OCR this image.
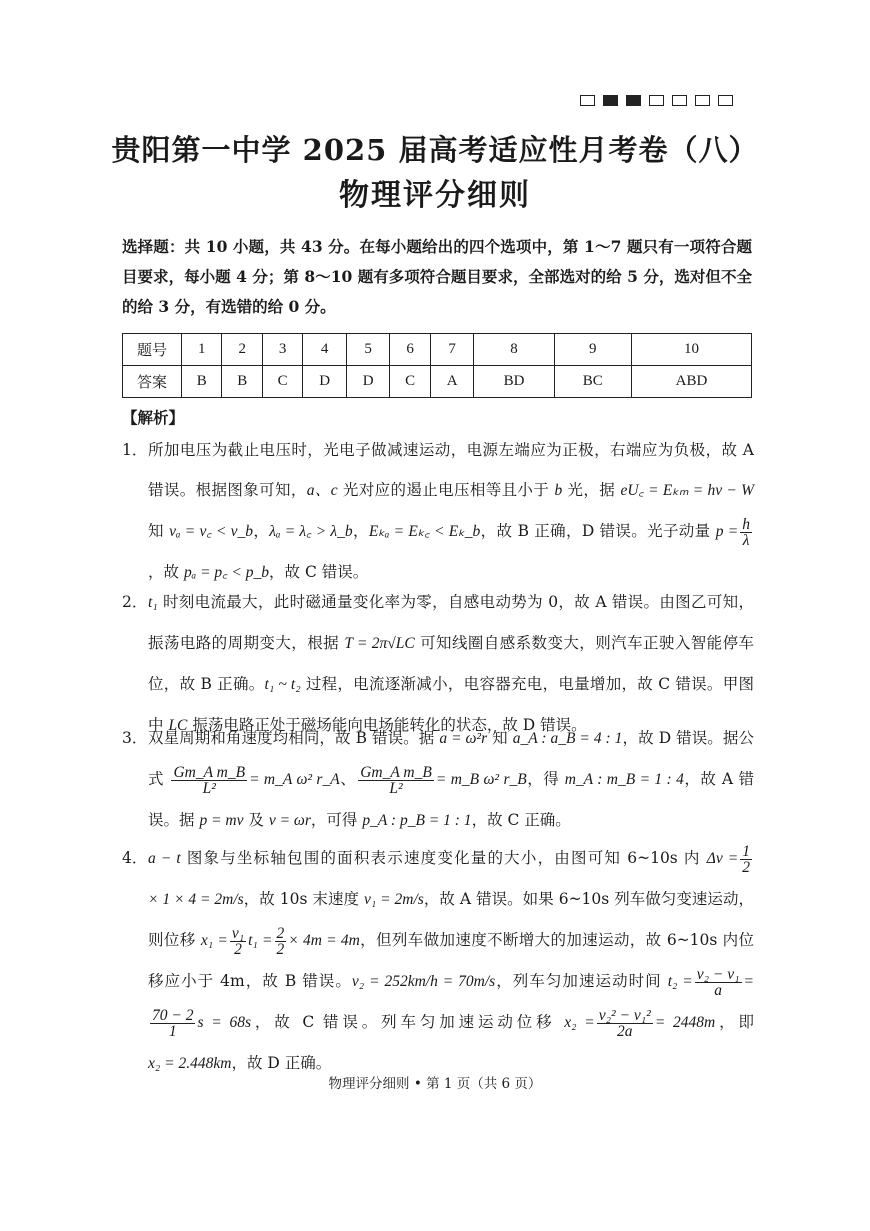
贵阳第一中学 2025 届高考适应性月考卷（八）
物理评分细则
选择题：共 10 小题，共 43 分。在每小题给出的四个选项中，第 1～7 题只有一项符合题目要求，每小题 4 分；第 8～10 题有多项符合题目要求，全部选对的给 5 分，选对但不全的给 3 分，有选错的给 0 分。
题号	1	2	3	4	5	6	7	8	9	10
答案	B	B	C	D	D	C	A	BD	BC	ABD
【解析】
1． 所加电压为截止电压时，光电子做减速运动，电源左端应为正极，右端应为负极，故 A 错误。根据图象可知，a、c 光对应的遏止电压相等且小于 b 光，据 eU꜀ = Eₖₘ = hν − W 知 νₐ = ν꜀ < ν_b，λₐ = λ꜀ > λ_b，Eₖₐ = Eₖ꜀ < Eₖ_b，故 B 正确，D 错误。光子动量 $p = \frac{h}{\lambda}$
，故 pₐ = p꜀ < p_b，故 C 错误。
2． t₁ 时刻电流最大，此时磁通量变化率为零，自感电动势为 0，故 A 错误。由图乙可知，振荡电路的周期变大，根据 T = 2π√LC 可知线圈自感系数变大，则汽车正驶入智能停车位，故 B 正确。t₁ ~ t₂ 过程，电流逐渐减小，电容器充电，电量增加，故 C 错误。甲图中 LC 振荡电路正处于磁场能向电场能转化的状态，故 D 错误。
3． 双星周期和角速度均相同，故 B 错误。据 a = ω²r 知 a_A : a_B = 4 : 1，故 D 错误。据公式 $\frac{\text{Gm\_A m\_B}}{\text{L²}}$ = m_A ω² r_A、 $\frac{\text{Gm\_A m\_B}}{\text{L²}}$ = m_B ω² r_B，得 m_A : m_B = 1 : 4，故 A 错误。据 p = mv 及 v = ωr，可得 p_A : p_B = 1 : 1，故 C 正确。
4． a − t 图象与坐标轴包围的面积表示速度变化量的大小，由图可知 6~10s 内 $\Delta v = \frac{1}{2}$
× 1 × 4 = 2m/s，故 10s 末速度 v₁ = 2m/s，故 A 错误。如果 6~10s 列车做匀变速运动，则位移 $x_1 = \frac{\text{v₁}}{2} t_1 = \frac{2}{2} \times 4m = 4m$，但列车做加速度不断增大的加速运动，故 6~10s 内位移应小于 4m，故 B 错误。v₂ = 252km/h = 70m/s，列车匀加速运动时间 $t_2 = \frac{\text{v₂ − v₁}}{a}$ =
$\frac{70 - 2}{1}$ s = 68s，故 C 错误。列车匀加速运动位移 $x_2 = \frac{\text{v₂² − v₁²}}{2a} = 2448m$，即 x₂ = 2.448km，故 D 正确。
物理评分细则 • 第 1 页（共 6 页）
